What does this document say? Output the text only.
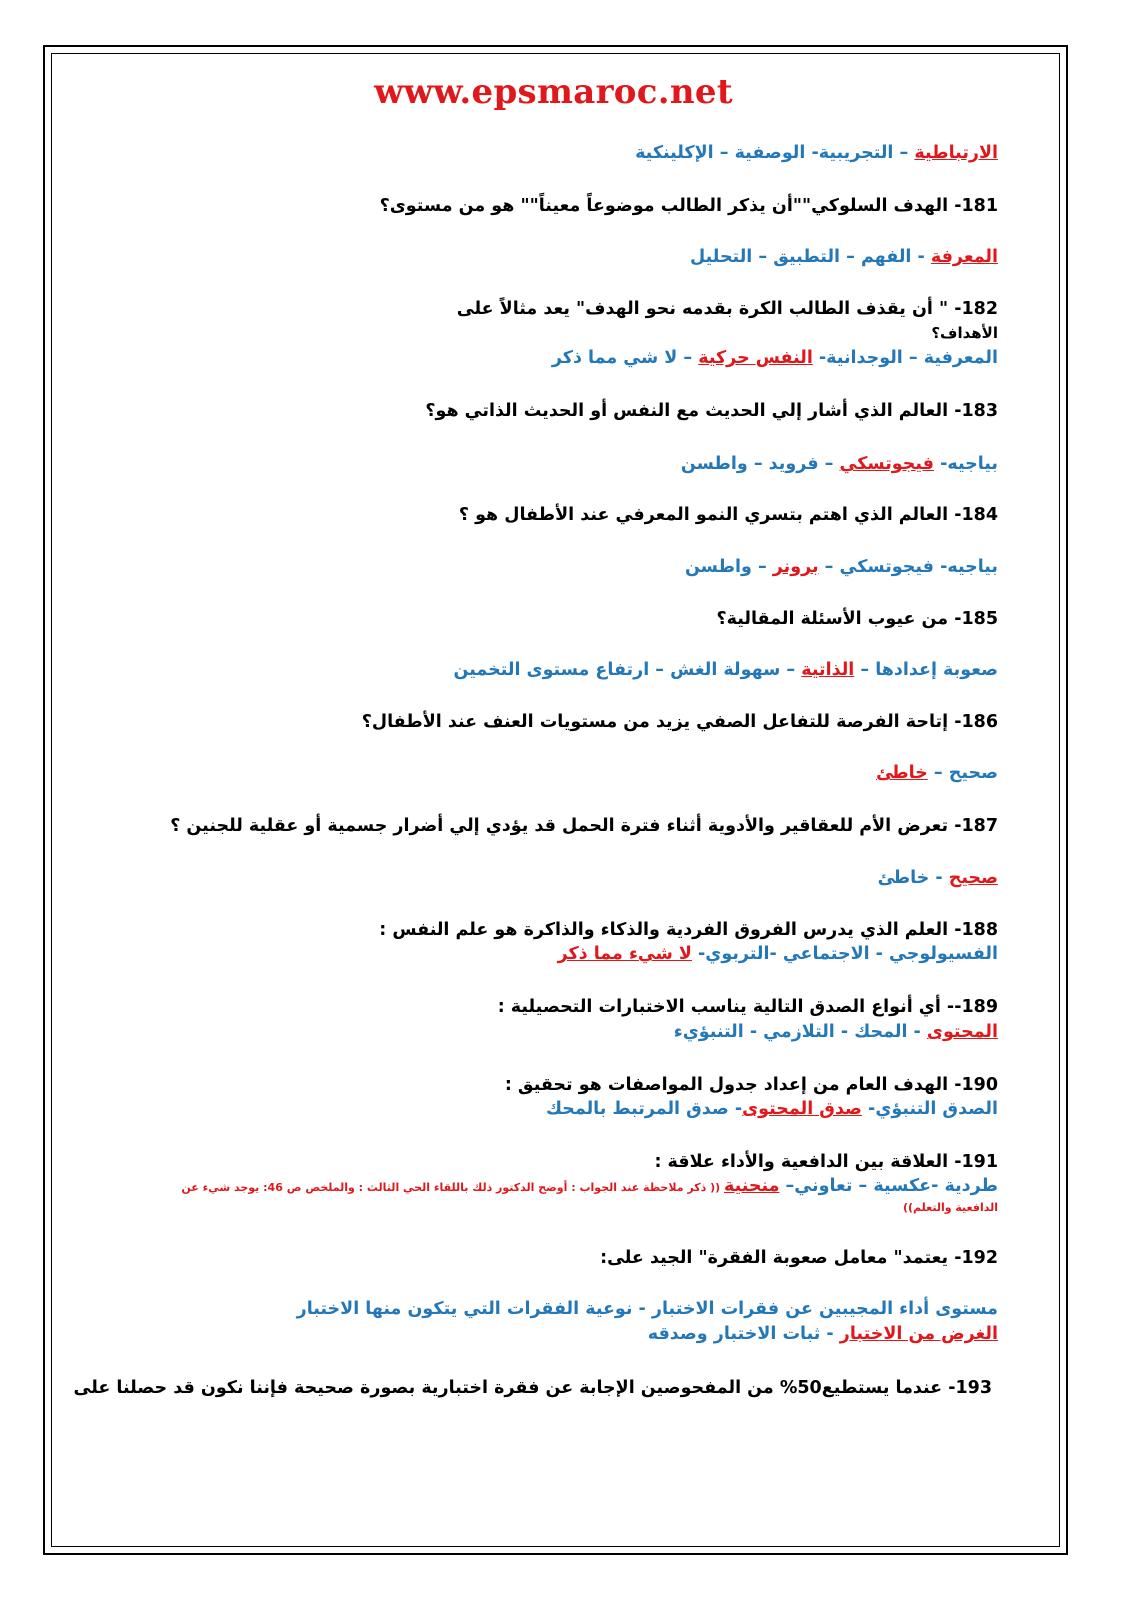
www.epsmaroc.net
الارتباطية – التجريبية- الوصفية – الإكلينكية
181- الهدف السلوكي""أن يذكر الطالب موضوعاً معيناً"" هو من مستوى؟
المعرفة - الفهم – التطبيق – التحليل
182- " أن يقذف الطالب الكرة بقدمه نحو الهدف" يعد مثالاً على
الأهداف؟
المعرفية – الوجدانية- النفس حركية – لا شي مما ذكر
183- العالم الذي أشار إلي الحديث مع النفس أو الحديث الذاتي هو؟
بياجيه- فيجوتسكي – فرويد – واطسن
184- العالم الذي اهتم بتسري النمو المعرفي عند الأطفال هو ؟
بياجيه- فيجوتسكي – برونر – واطسن
185- من عيوب الأسئلة المقالية؟
صعوبة إعدادها – الذاتية – سهولة الغش – ارتفاع مستوى التخمين
186- إتاحة الفرصة للتفاعل الصفي يزيد من مستويات العنف عند الأطفال؟
صحيح – خاطئ
187- تعرض الأم للعقاقير والأدوية أثناء فترة الحمل قد يؤدي إلي أضرار جسمية أو عقلية للجنين ؟
صحيح - خاطئ
188- العلم الذي يدرس الفروق الفردية والذكاء والذاكرة هو علم النفس :
الفسيولوجي - الاجتماعي -التربوي- لا شيء مما ذكر
189-- أي أنواع الصدق التالية يناسب الاختبارات التحصيلية :
المحتوى - المحك - التلازمي - التنبؤيء
190- الهدف العام من إعداد جدول المواصفات هو تحقيق :
الصدق التنبؤي- صدق المحتوى- صدق المرتبط بالمحك
191- العلاقة بين الدافعية والأداء علاقة :
طردية -عكسية – تعاوني– منحنية (( ذكر ملاحظة عند الجواب : أوضح الدكتور ذلك باللقاء الحي الثالث : والملخص ص 46: يوجد شيء عن
الدافعية والتعلم))
192- يعتمد" معامل صعوبة الفقرة" الجيد على:
مستوى أداء المجيبين عن فقرات الاختبار - نوعية الفقرات التي يتكون منها الاختبار
الغرض من الاختبار - ثبات الاختبار وصدقه
193- عندما يستطيع50% من المفحوصين الإجابة عن فقرة اختبارية بصورة صحيحة فإننا نكون قد حصلنا على
